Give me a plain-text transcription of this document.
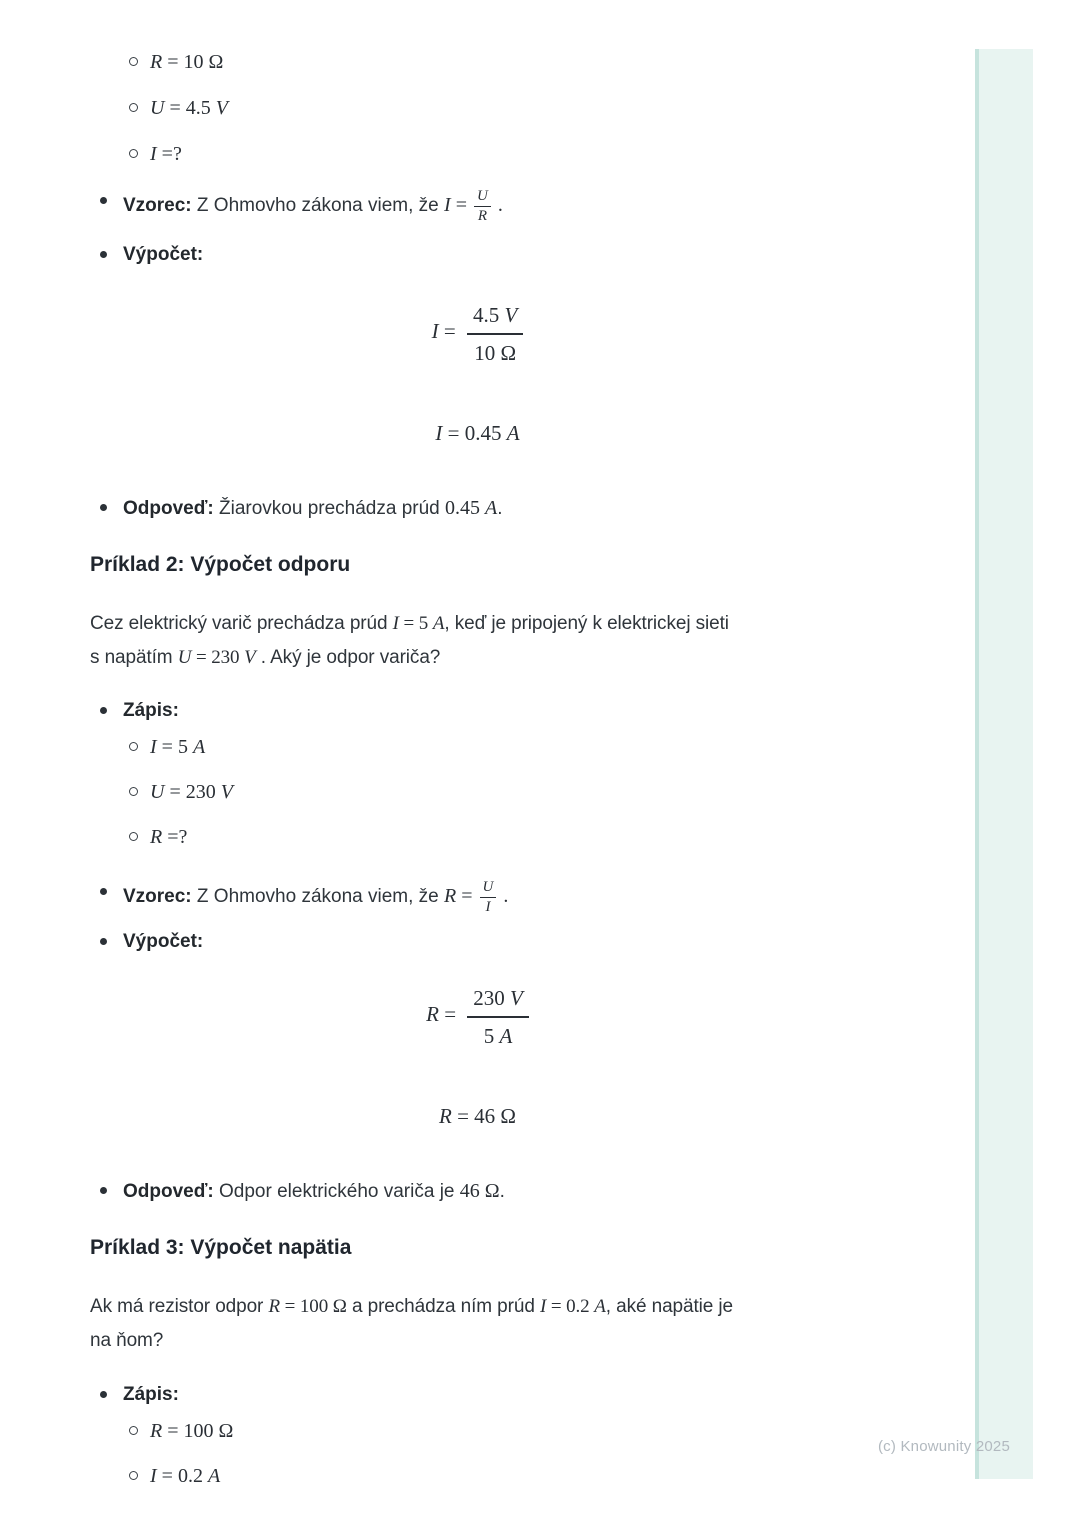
(c) Knowunity 2025
R = 10 Ω
U = 4.5 V
I =?
Vzorec: Z Ohmovho zákona viem, že $I = \frac{U}{R}$ .
Výpočet:
$I = \frac{4.5 V}{10 \Omega}$
I = 0.45 A
Odpoveď: Žiarovkou prechádza prúd 0.45 A.
Príklad 2: Výpočet odporu

Cez elektrický varič prechádza prúd I = 5 A, keď je pripojený k elektrickej sieti
s napätím U = 230 V . Aký je odpor variča?

Zápis:
I = 5 A
U = 230 V
R =?
Vzorec: Z Ohmovho zákona viem, že $R = \frac{U}{I}$ .
Výpočet:
$R = \frac{230 V}{5 A}$
R = 46 Ω
Odpoveď: Odpor elektrického variča je 46 Ω.
Príklad 3: Výpočet napätia

Ak má rezistor odpor R = 100 Ω a prechádza ním prúd I = 0.2 A, aké napätie je
na ňom?

Zápis:
R = 100 Ω
I = 0.2 A
